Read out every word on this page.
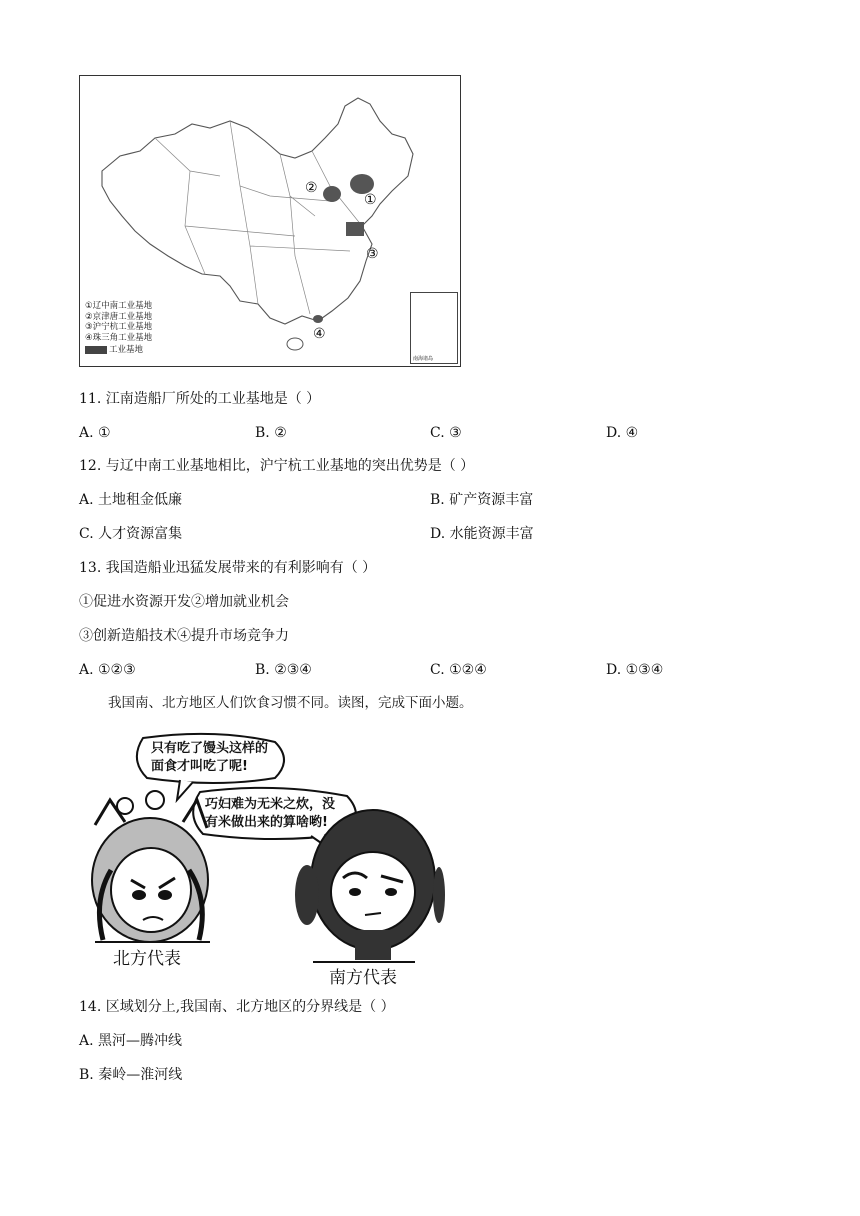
②
①
③
④
①辽中南工业基地
②京津唐工业基地
③沪宁杭工业基地
④珠三角工业基地
工业基地
南海诸岛
11. 江南造船厂所处的工业基地是（ ）
A. ①	B. ②	C. ③	D. ④
12. 与辽中南工业基地相比，沪宁杭工业基地的突出优势是（ ）
A. 土地租金低廉	B. 矿产资源丰富
C. 人才资源富集	D. 水能资源丰富
13. 我国造船业迅猛发展带来的有利影响有（ ）
①促进水资源开发②增加就业机会
③创新造船技术④提升市场竞争力
A. ①②③	B. ②③④	C. ①②④	D. ①③④
我国南、北方地区人们饮食习惯不同。读图，完成下面小题。
只有吃了馒头这样的
面食才叫吃了呢!
巧妇难为无米之炊，没
有米做出来的算啥哟!
北方代表
南方代表
14. 区域划分上,我国南、北方地区的分界线是（ ）
A. 黑河—腾冲线
B. 秦岭—淮河线
